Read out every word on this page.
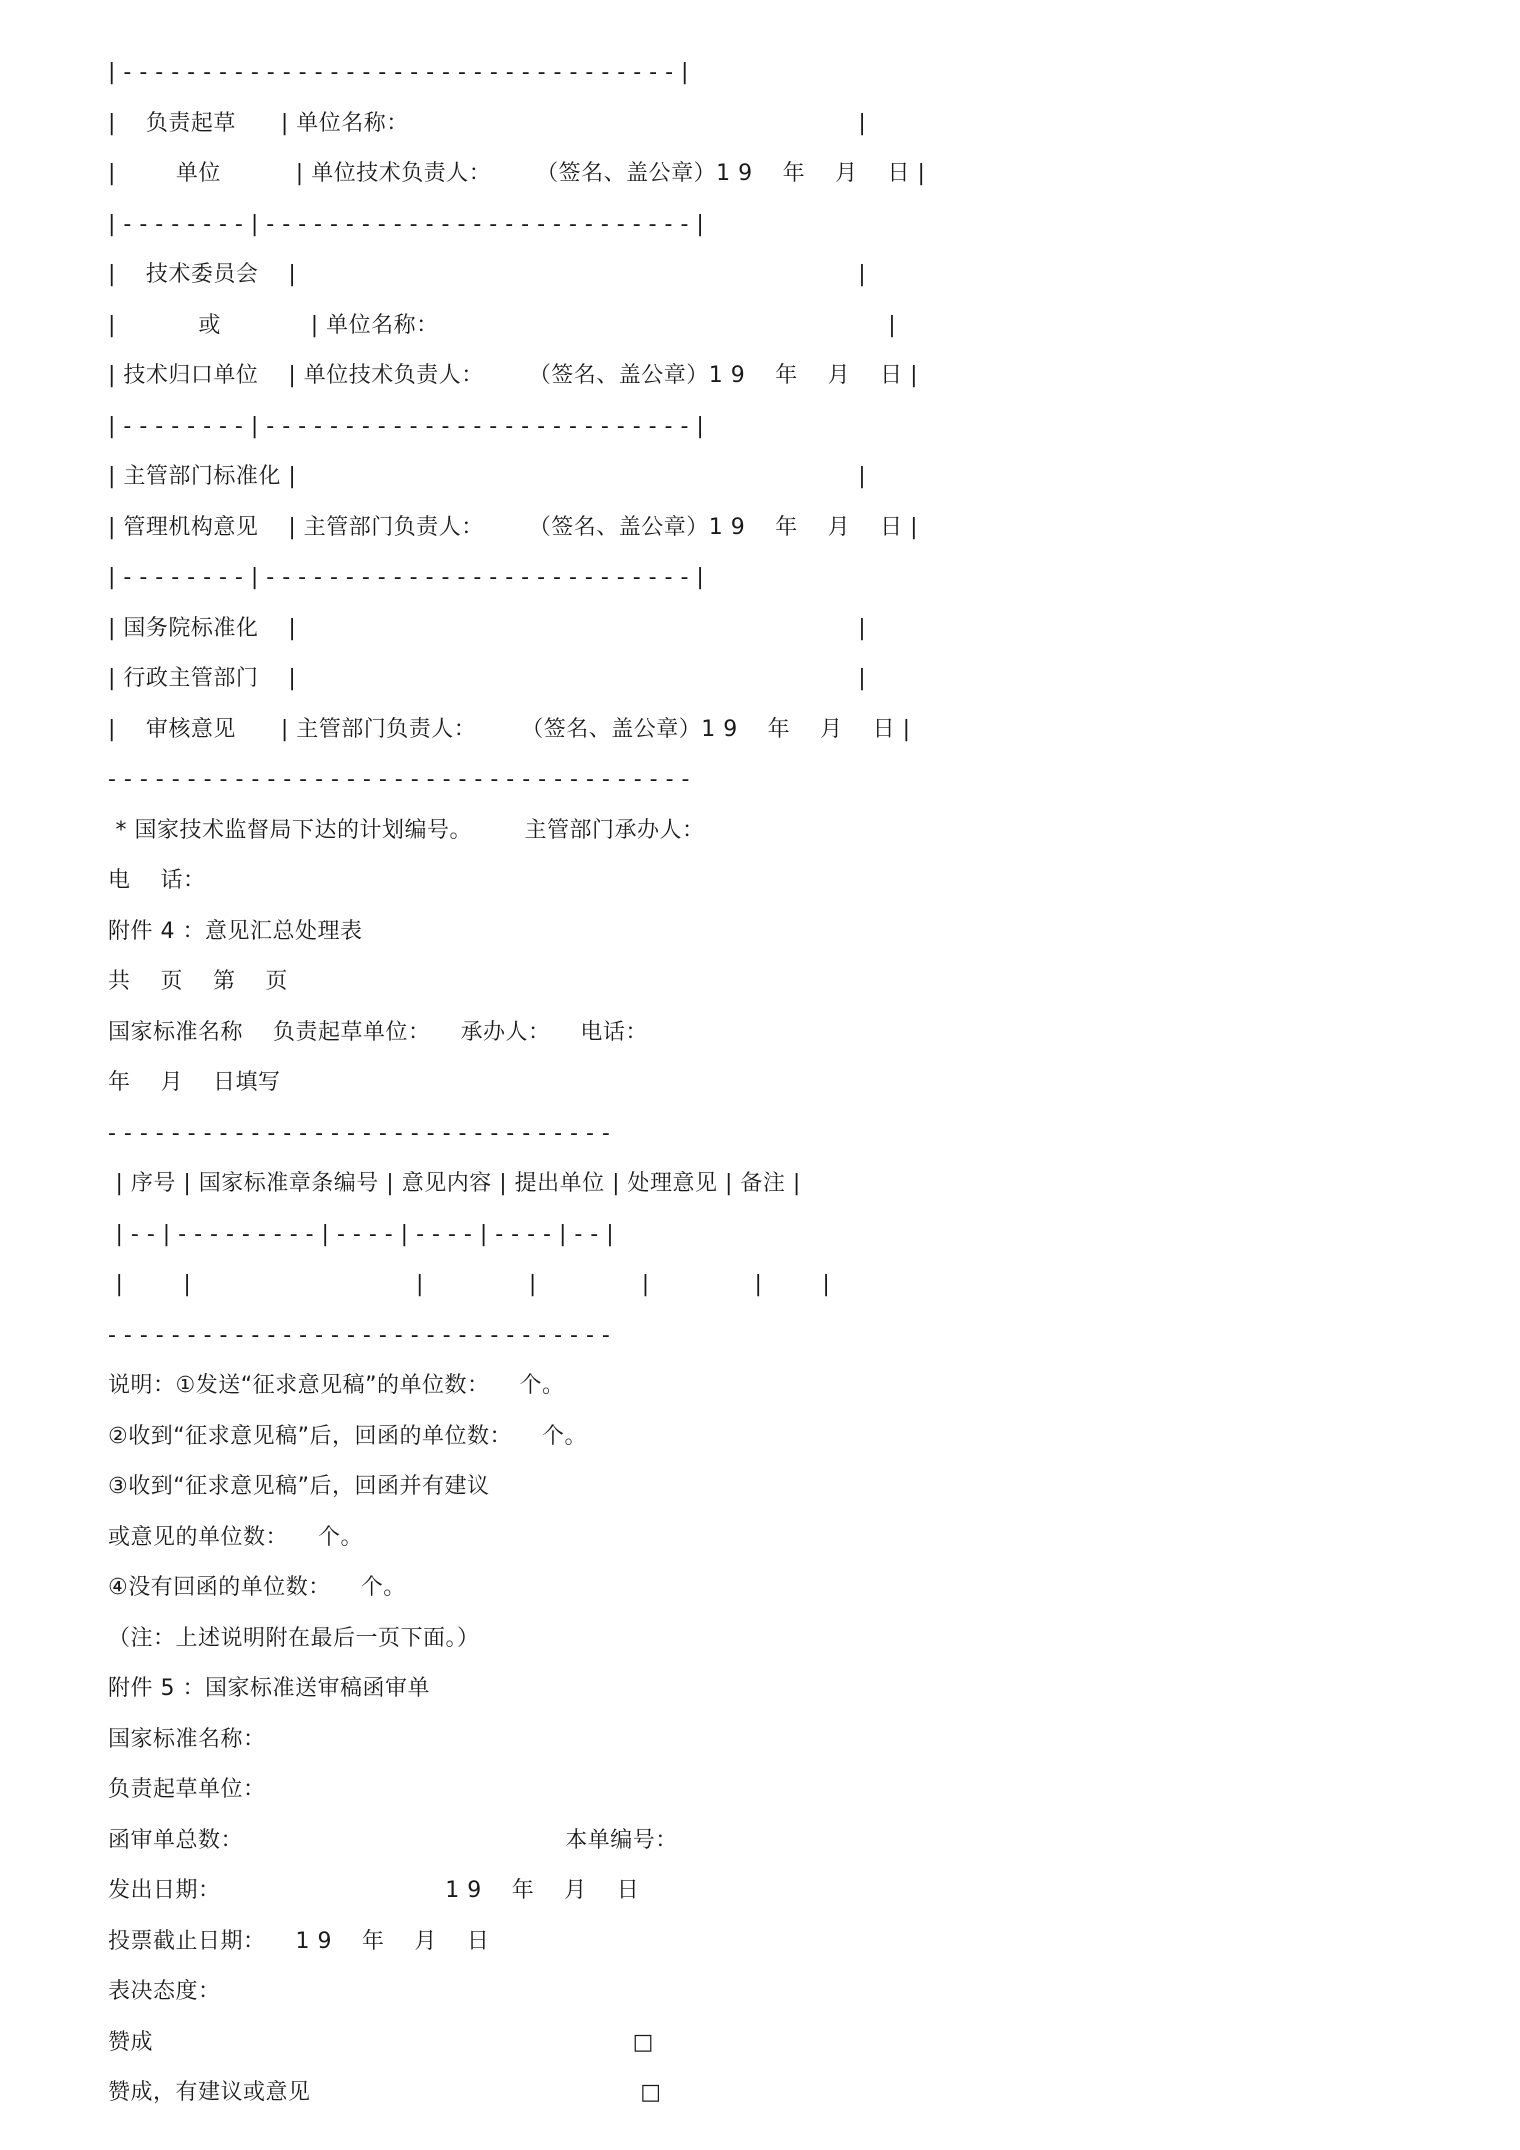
| - - - - - - - - - - - - - - - - - - - - - - - - - - - - - - - - - - - |
|    负责起草      | 单位名称：                                                            |
|        单位          | 单位技术负责人：      （签名、盖公章）1 9    年    月    日 |
| - - - - - - - - | - - - - - - - - - - - - - - - - - - - - - - - - - - - |
|    技术委员会    |                                                                           |
|           或            | 单位名称：                                                            |
| 技术归口单位    | 单位技术负责人：      （签名、盖公章）1 9    年    月    日 |
| - - - - - - - - | - - - - - - - - - - - - - - - - - - - - - - - - - - - |
| 主管部门标准化 |                                                                           |
| 管理机构意见    | 主管部门负责人：      （签名、盖公章）1 9    年    月    日 |
| - - - - - - - - | - - - - - - - - - - - - - - - - - - - - - - - - - - - |
| 国务院标准化    |                                                                           |
| 行政主管部门    |                                                                           |
|    审核意见      | 主管部门负责人：      （签名、盖公章）1 9    年    月    日 |
- - - - - - - - - - - - - - - - - - - - - - - - - - - - - - - - - - - - -
* 国家技术监督局下达的计划编号。       主管部门承办人：
电    话：
附件 4 ：意见汇总处理表
共    页    第    页
国家标准名称    负责起草单位：    承办人：    电话：
年    月    日填写
- - - - - - - - - - - - - - - - - - - - - - - - - - - - - - - -
| 序号 | 国家标准章条编号 | 意见内容 | 提出单位 | 处理意见 | 备注 |
| - - | - - - - - - - - - | - - - - | - - - - | - - - - | - - |
|        |                              |              |              |              |        |
- - - - - - - - - - - - - - - - - - - - - - - - - - - - - - - -
说明：①发送“征求意见稿”的单位数：    个。
②收到“征求意见稿”后，回函的单位数：    个。
③收到“征求意见稿”后，回函并有建议
或意见的单位数：    个。
④没有回函的单位数：    个。
（注：上述说明附在最后一页下面。）
附件 5 ：国家标准送审稿函审单
国家标准名称：
负责起草单位：
函审单总数：                                           本单编号：
发出日期：                              1 9    年    月    日
投票截止日期：    1 9    年    月    日
表决态度：
赞成                                                                □
赞成，有建议或意见                                            □
